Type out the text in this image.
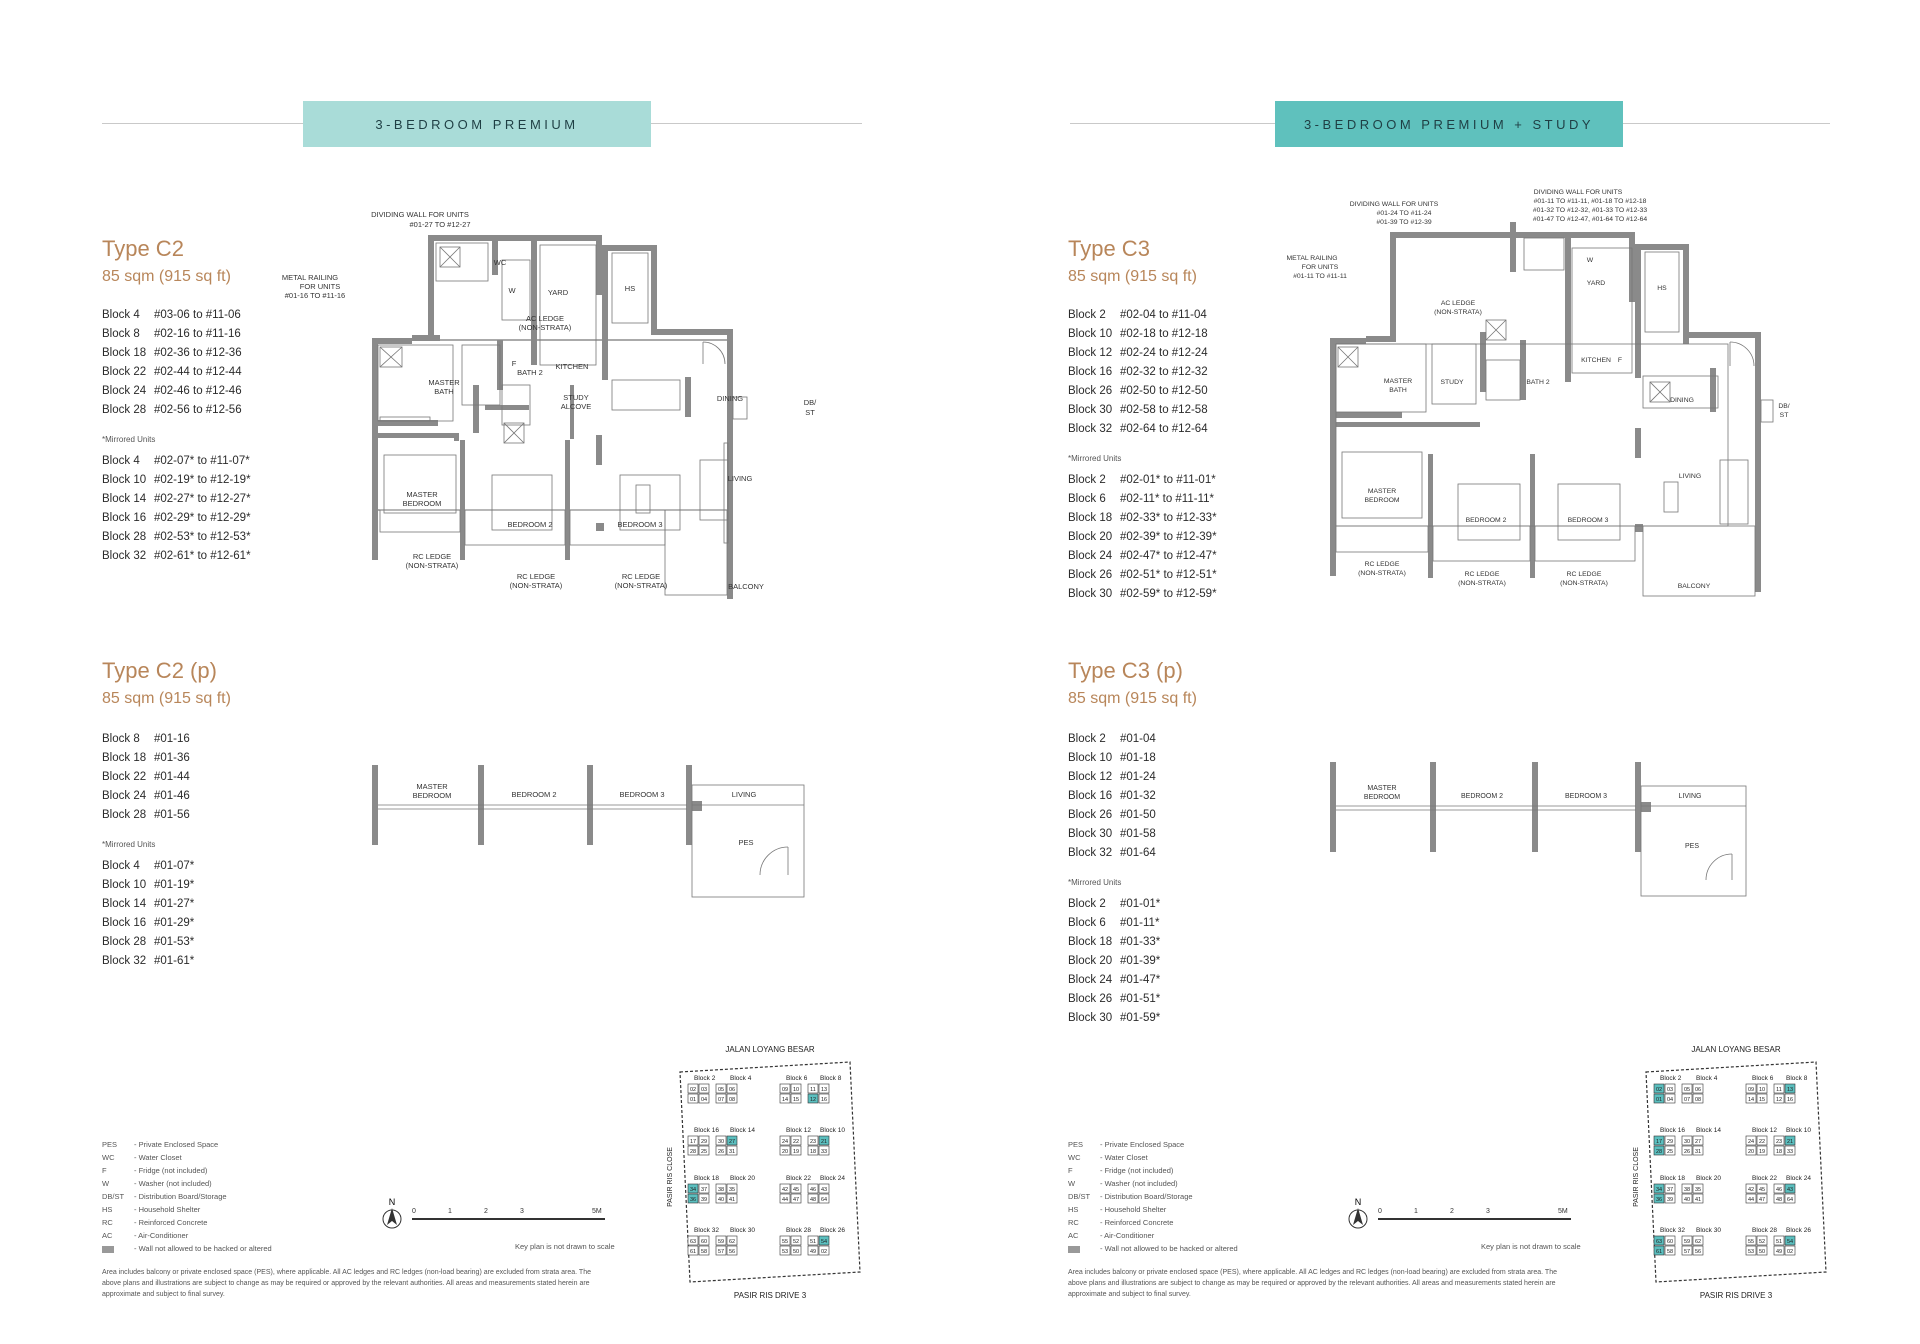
3-BEDROOM PREMIUM
Type C2
85 sqm (915 sq ft)
Block 4 #03-06 to #11-06
Block 8 #02-16 to #11-16
Block 18 #02-36 to #12-36
Block 22 #02-44 to #12-44
Block 24 #02-46 to #12-46
Block 28 #02-56 to #12-56
*Mirrored Units
Block 4 #02-07* to #11-07*
Block 10 #02-19* to #12-19*
Block 14 #02-27* to #12-27*
Block 16 #02-29* to #12-29*
Block 28 #02-53* to #12-53*
Block 32 #02-61* to #12-61*
Type C2 (p)
85 sqm (915 sq ft)
Block 8 #01-16
Block 18 #01-36
Block 22 #01-44
Block 24 #01-46
Block 28 #01-56
*Mirrored Units
Block 4 #01-07*
Block 10 #01-19*
Block 14 #01-27*
Block 16 #01-29*
Block 28 #01-53*
Block 32 #01-61*
DIVIDING WALL FOR UNITS
#01-27 TO #12-27
METAL RAILING
FOR UNITS
#01-16 TO #11-16
WC
W	YARD	HS
AC LEDGE
(NON-STRATA)
F	KITCHEN
MASTER
BATH
BATH 2
STUDY
ALCOVE
DINING	DB/
ST
LIVING
MASTER
BEDROOM
BEDROOM 2	BEDROOM 3
RC LEDGE
(NON-STRATA)
RC LEDGE
(NON-STRATA)
RC LEDGE
(NON-STRATA)	BALCONY
MASTER
BEDROOM	BEDROOM 2	BEDROOM 3	LIVING
PES
3-BEDROOM PREMIUM + STUDY
Type C3
85 sqm (915 sq ft)
Block 2 #02-04 to #11-04
Block 10 #02-18 to #12-18
Block 12 #02-24 to #12-24
Block 16 #02-32 to #12-32
Block 26 #02-50 to #12-50
Block 30 #02-58 to #12-58
Block 32 #02-64 to #12-64
*Mirrored Units
Block 2 #02-01* to #11-01*
Block 6 #02-11* to #11-11*
Block 18 #02-33* to #12-33*
Block 20 #02-39* to #12-39*
Block 24 #02-47* to #12-47*
Block 26 #02-51* to #12-51*
Block 30 #02-59* to #12-59*
Type C3 (p)
85 sqm (915 sq ft)
Block 2 #01-04
Block 10 #01-18
Block 12 #01-24
Block 16 #01-32
Block 26 #01-50
Block 30 #01-58
Block 32 #01-64
*Mirrored Units
Block 2 #01-01*
Block 6 #01-11*
Block 18 #01-33*
Block 20 #01-39*
Block 24 #01-47*
Block 26 #01-51*
Block 30 #01-59*
DIVIDING WALL FOR UNITS
#01-24 TO #11-24
#01-39 TO #12-39
DIVIDING WALL FOR UNITS
#01-11 TO #11-11, #01-18 TO #12-18
#01-32 TO #12-32, #01-33 TO #12-33
#01-47 TO #12-47, #01-64 TO #12-64
METAL RAILING
FOR UNITS
#01-11 TO #11-11
W
YARD
HS
AC LEDGE
(NON-STRATA)
KITCHEN F
MASTER
BATH
STUDY	BATH 2
DINING
DB/
ST
LIVING
MASTER
BEDROOM
BEDROOM 2	BEDROOM 3
RC LEDGE
(NON-STRATA)	RC LEDGE
(NON-STRATA)
RC LEDGE
(NON-STRATA)	BALCONY
MASTER
BEDROOM	BEDROOM 2	BEDROOM 3	LIVING
PES
PES - Private Enclosed Space
WC	- Water Closet
F	- Fridge (not included)
W	- Washer (not included)
DB/ST - Distribution Board/Storage
HS	- Household Shelter
RC	- Reinforced Concrete
AC	- Air-Conditioner
- Wall not allowed to be hacked or altered
Area includes balcony or private enclosed space (PES), where applicable. All AC ledges and RC ledges (non-load bearing) are excluded from strata area. The above plans and illustrations are subject to change as may be required or approved by the relevant authorities. All areas and measurements stated herein are approximate and subject to final survey.
N
0	1	2	3	5M
Key plan is not drawn to scale
JALAN LOYANG BESAR
PASIR RIS DRIVE 3
PASIR RIS CLOSE
Block 2 Block 4	Block 6 Block 8
02 03 05 06
01 04 07 08
09 10 11 13
14 15 12 16
Block 16 Block 14	Block 12 Block 10
17 29 30 27
28 25 26 31
24 22 23 21
20 19 18 33
Block 18 Block 20	Block 22 Block 24
34 37 38 35
36 39 40 41
42 45 46 43
44 47 48 64
Block 32 Block 30	Block 28 Block 26
63 60 59 62
61 58 57 56
55 52 51 54
53 50 49 02
PES - Private Enclosed Space
WC	- Water Closet
F	- Fridge (not included)
W	- Washer (not included)
DB/ST - Distribution Board/Storage
HS	- Household Shelter
RC	- Reinforced Concrete
AC	- Air-Conditioner
- Wall not allowed to be hacked or altered
Area includes balcony or private enclosed space (PES), where applicable. All AC ledges and RC ledges (non-load bearing) are excluded from strata area. The above plans and illustrations are subject to change as may be required or approved by the relevant authorities. All areas and measurements stated herein are approximate and subject to final survey.
N
0	1	2	3	5M
Key plan is not drawn to scale
JALAN LOYANG BESAR
PASIR RIS DRIVE 3
PASIR RIS CLOSE
Block 2 Block 4	Block 6 Block 8
02 03 05 06
01 04 07 08
09 10 11 13
14 15 12 16
Block 16 Block 14	Block 12 Block 10
17 29 30 27
28 25 26 31
24 22 23 21
20 19 18 33
Block 18 Block 20	Block 22 Block 24
34 37 38 35
36 39 40 41
42 45 46 43
44 47 48 64
Block 32 Block 30	Block 28 Block 26
63 60 59 62
61 58 57 56
55 52 51 54
53 50 49 02
